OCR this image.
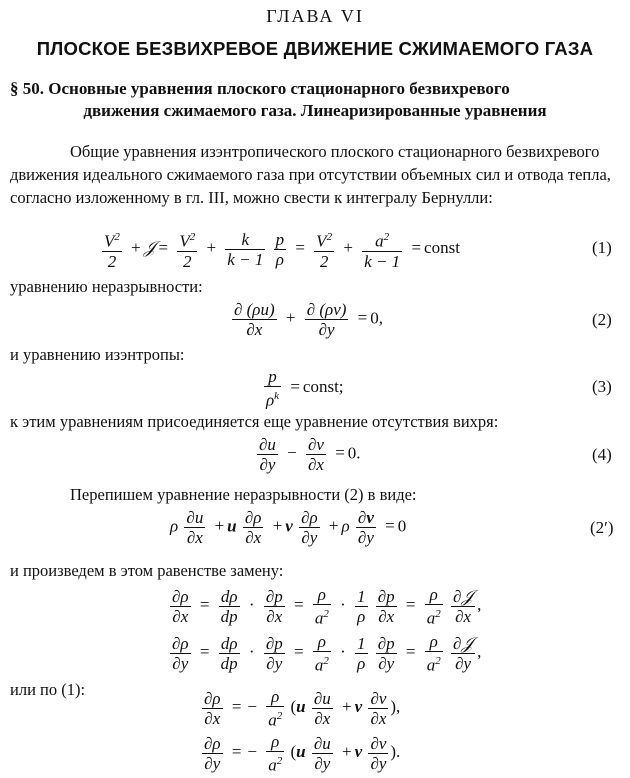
ГЛАВА VI
ПЛОСКОЕ БЕЗВИХРЕВОЕ ДВИЖЕНИЕ СЖИМАЕМОГО ГАЗА
§ 50. Основные уравнения плоского стационарного безвихревого
движения сжимаемого газа. Линеаризированные уравнения
Общие уравнения изэнтропического плоского стационарного безвихревого движения идеального сжимаемого газа при отсутствии объемных сил и отвода тепла, согласно изложенному в гл. III, можно свести к интегралу Бернулли:
$\frac{V^2}{2}$ + 𝒥 = $\frac{V^2}{2} + \frac{k}{k - 1}$
$\frac{p}{\rho} = \frac{V^2}{2} + \frac{a^2}{k - 1}$ = const	(1)
уравнению неразрывности:
$\frac{\partial (\rho u)}{\partial x} + \frac{\partial (\rho v)}{\partial y} = 0$,	(2)
и уравнению изэнтропы:
$\frac{p}{\rho^k}$ = const;	(3)
к этим уравнениям присоединяется еще уравнение отсутствия вихря:
$\frac{\partial u}{\partial y} - \frac{\partial v}{\partial x} = 0$.	(4)
Перепишем уравнение неразрывности (2) в виде:
ρ $\frac{\partial u}{\partial x} + u \frac{\partial\rho}{\partial x} + v \frac{\partial\rho}{\partial y} + \rho \frac{\partial v}{\partial y} = 0$	(2′)
и произведем в этом равенстве замену:
$\frac{\partial\rho}{\partial x} = \frac{d\rho}{dp} \cdot \frac{\partial p}{\partial x} = \frac{\rho}{a^2} \cdot \frac{1}{\rho}$
$\frac{\partial p}{\partial x} = \frac{\rho}{a^2}$
∂𝒥
∂x
,
$\frac{\partial\rho}{\partial y} = \frac{d\rho}{dp} \cdot \frac{\partial p}{\partial y} = \frac{\rho}{a^2} \cdot \frac{1}{\rho}$
$\frac{\partial p}{\partial y} = \frac{\rho}{a^2}$
∂𝒥
∂y
,
или по (1):	$\frac{\partial\rho}{\partial x}$ = − $\frac{\rho}{a^2} (u \frac{\partial u}{\partial x} + v \frac{\partial v}{\partial x}$ ),
$\frac{\partial\rho}{\partial y}$ = − $\frac{\rho}{a^2} (u \frac{\partial u}{\partial y} + v \frac{\partial v}{\partial y}$ ).
